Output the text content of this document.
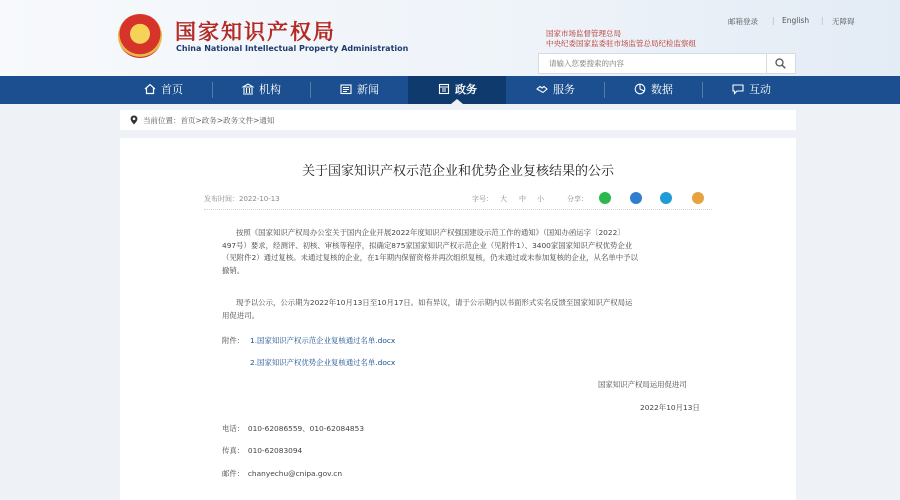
★	国家知识产权局
China National Intellectual Property Administration
邮箱登录 | English | 无障碍
国家市场监督管理总局
中央纪委国家监委驻市场监管总局纪检监察组
请输入您要搜索的内容
首页	机构	新闻	政务	服务	数据	互动
当前位置：首页>政务>政务文件>通知
关于国家知识产权示范企业和优势企业复核结果的公示
发布时间：2022-10-13	字号： 大 中 小	分享：
按照《国家知识产权局办公室关于国内企业开展2022年度知识产权强国建设示范工作的通知》（国知办函运字〔2022〕
497号）要求，经测评、初核、审核等程序，拟确定875家国家知识产权示范企业（见附件1）、3400家国家知识产权优势企业
（见附件2）通过复核。未通过复核的企业，在1年期内保留资格并再次组织复核，仍未通过或未参加复核的企业，从名单中予以
撤销。
现予以公示，公示期为2022年10月13日至10月17日。如有异议，请于公示期内以书面形式实名反馈至国家知识产权局运
用促进司。
附件： 1.国家知识产权示范企业复核通过名单.docx
2.国家知识产权优势企业复核通过名单.docx
国家知识产权局运用促进司
2022年10月13日
电话：　010-62086559、010-62084853
传真：　010-62083094
邮件：　chanyechu@cnipa.gov.cn
